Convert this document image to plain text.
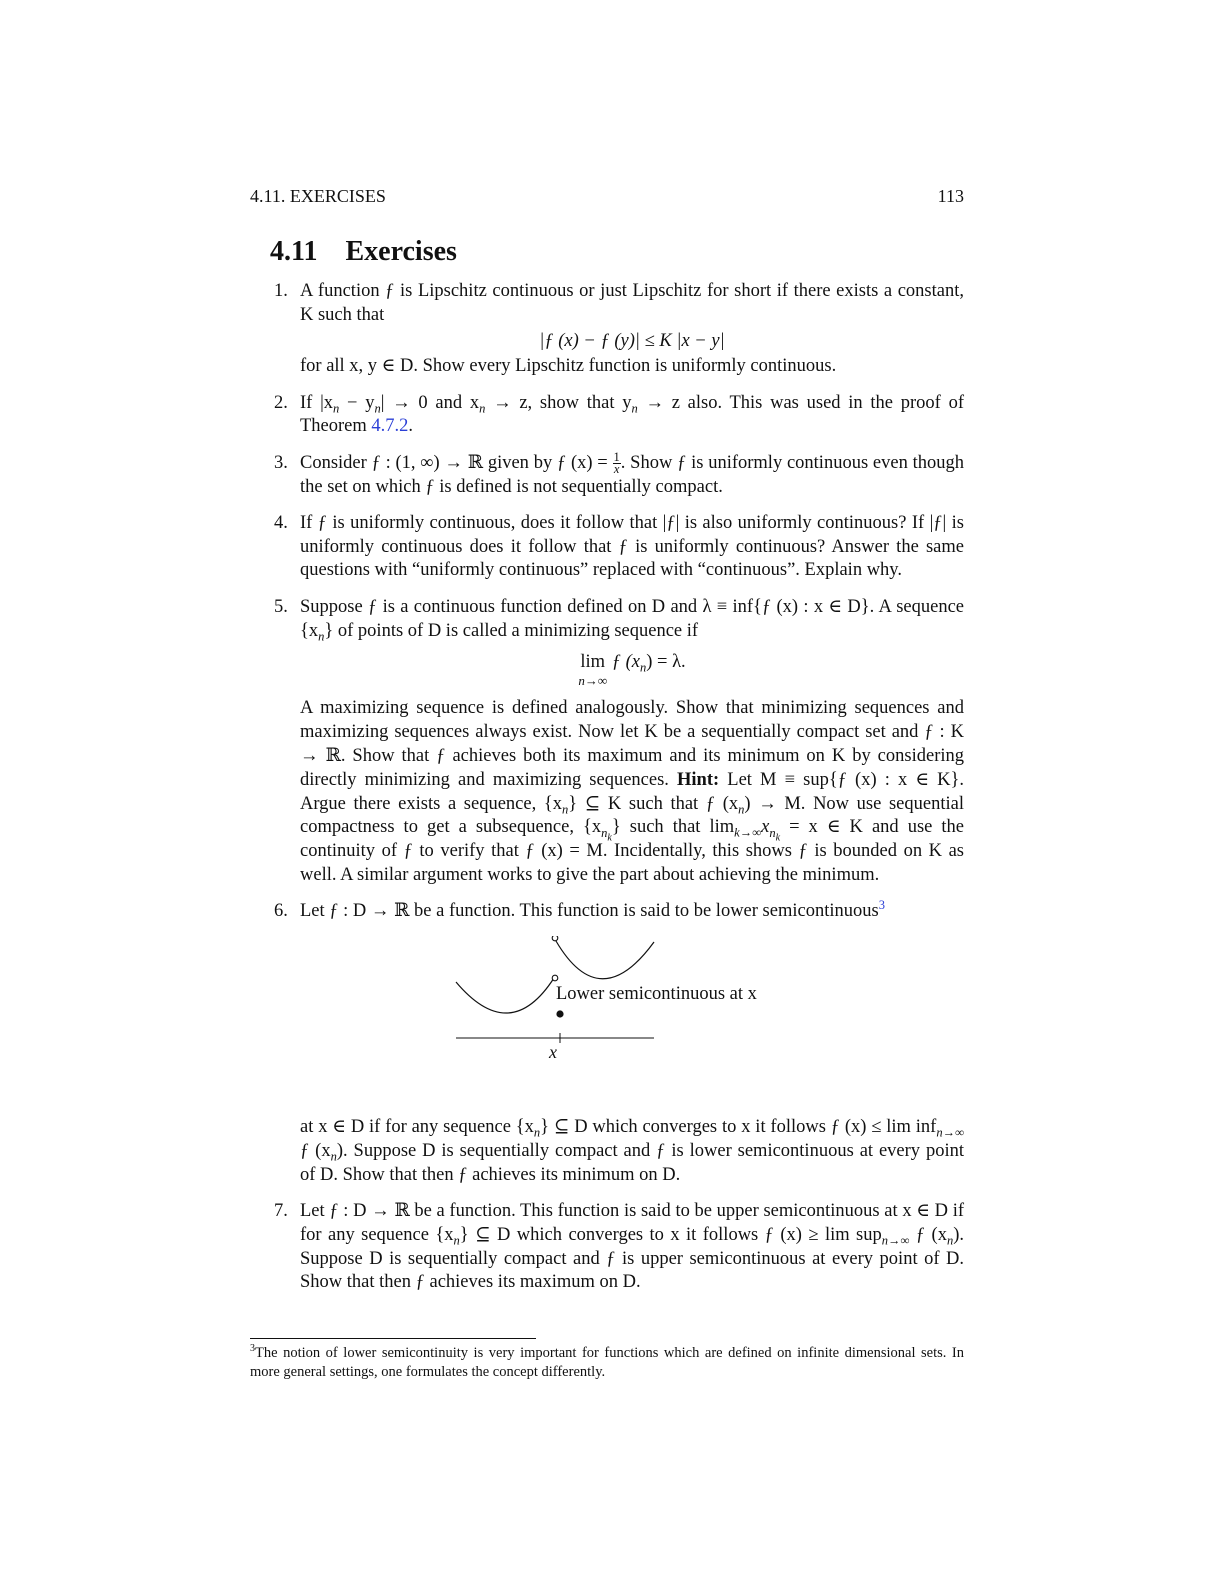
4.11. EXERCISES	113
4.11 Exercises
1. A function ƒ is Lipschitz continuous or just Lipschitz for short if there exists a constant, K such that

|ƒ (x) − ƒ (y)| ≤ K |x − y|

for all x, y ∈ D. Show every Lipschitz function is uniformly continuous.

2. If $|x_n - y_n| \to 0$ and $x_n \to z$, show that $y_n \to z$ also. This was used in the proof of Theorem 4.7.2.

3. Consider ƒ : (1, ∞) → ℝ given by ƒ $(x) = \frac{1}{x}$ . Show ƒ is uniformly continuous even though the set on which ƒ is defined is not sequentially compact.

4. If ƒ is uniformly continuous, does it follow that |ƒ| is also uniformly continuous? If |ƒ| is uniformly continuous does it follow that ƒ is uniformly continuous? Answer the same questions with “uniformly continuous” replaced with “continuous”. Explain why.

5. Suppose ƒ is a continuous function defined on D and λ ≡ inf{ƒ (x) : x ∈ D}. A sequence $\{x_n\}$ of points of D is called a minimizing sequence if

lim
n→∞
ƒ $(x_n) = \lambda$.

A maximizing sequence is defined analogously. Show that minimizing sequences and maximizing sequences always exist. Now let K be a sequentially compact set and ƒ : K → ℝ. Show that ƒ achieves both its maximum and its minimum on K by considering directly minimizing and maximizing sequences. Hint: Let M ≡ sup{ƒ (x) : x ∈ K}. Argue there exists a sequence, $\{x_n\}$ ⊆ K such that ƒ $(x_n) \to M$. Now use sequential compactness to get a subsequence, $\{x_{n_k}\}$ such that $\lim_{k\to\infty}x_{n_k} = x$ ∈ K and use the continuity of ƒ to verify that ƒ (x) = M. Incidentally, this shows ƒ is bounded on K as well. A similar argument works to give the part about achieving the minimum.

6. Let ƒ : D → ℝ be a function. This function is said to be lower semicontinuous$^3$

Lower semicontinuous at x
x

at x ∈ D if for any sequence $\{x_n\}$ ⊆ D which converges to x it follows ƒ (x) ≤ lim inf$_{n\to\infty}$ ƒ $(x_n)$. Suppose D is sequentially compact and ƒ is lower semicontinuous at every point of D. Show that then ƒ achieves its minimum on D.

7. Let ƒ : D → ℝ be a function. This function is said to be upper semicontinuous at x ∈ D if for any sequence $\{x_n\}$ ⊆ D which converges to x it follows ƒ (x) ≥ lim sup$_{n\to\infty}$ ƒ $(x_n)$. Suppose D is sequentially compact and ƒ is upper semicontinuous at every point of D. Show that then ƒ achieves its maximum on D.

$^3$The notion of lower semicontinuity is very important for functions which are defined on infinite dimensional sets. In more general settings, one formulates the concept differently.
